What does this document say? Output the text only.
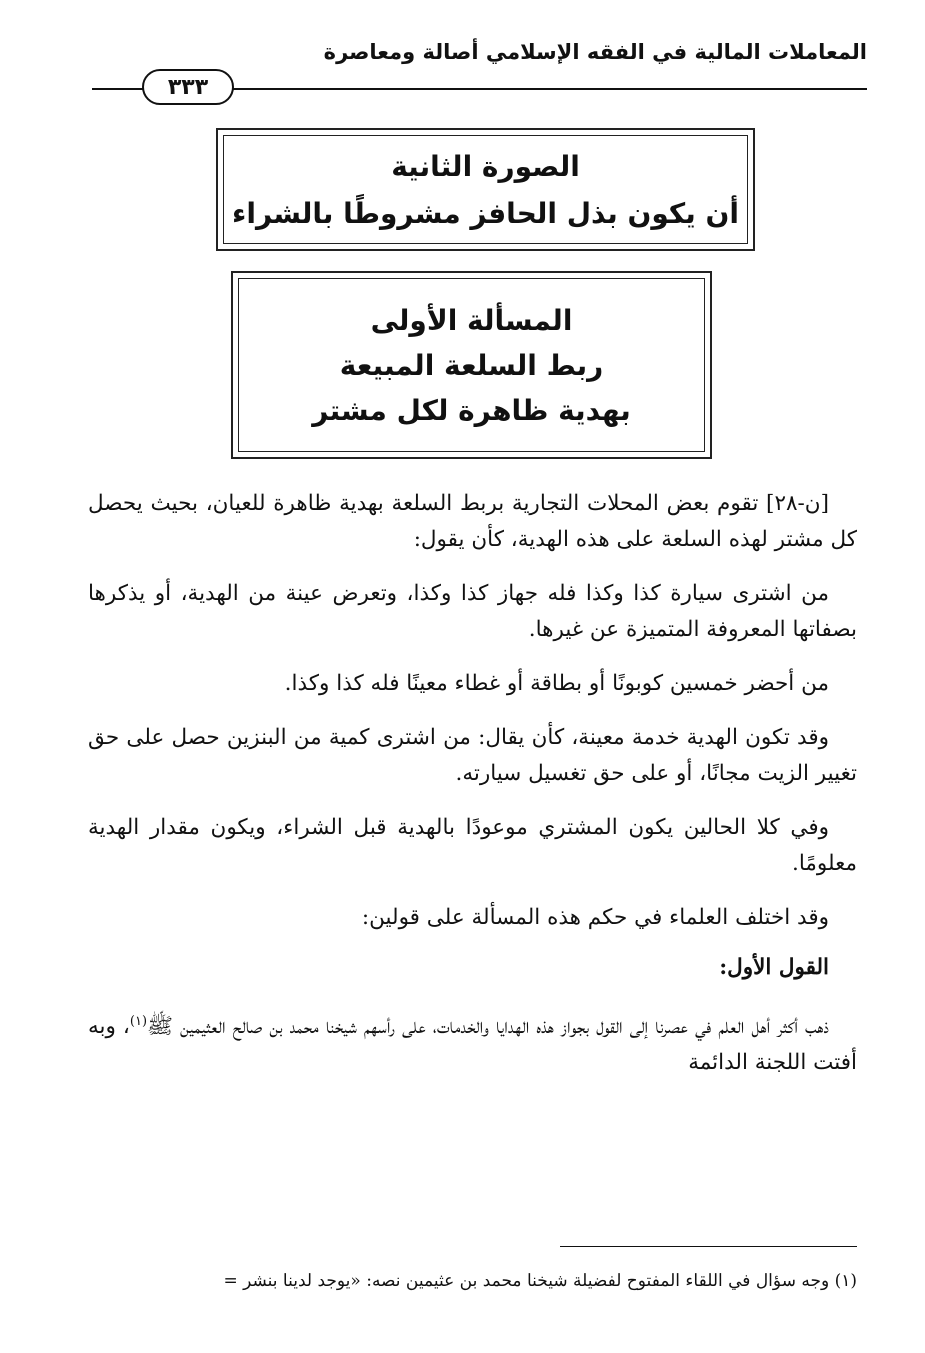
المعاملات المالية في الفقه الإسلامي أصالة ومعاصرة
٣٣٣
الصورة الثانية
أن يكون بذل الحافز مشروطًا بالشراء
المسألة الأولى
ربط السلعة المبيعة
بهدية ظاهرة لكل مشتر

[ن-٢٨] تقوم بعض المحلات التجارية بربط السلعة بهدية ظاهرة للعيان، بحيث يحصل كل مشتر لهذه السلعة على هذه الهدية، كأن يقول:

من اشترى سيارة كذا وكذا فله جهاز كذا وكذا، وتعرض عينة من الهدية، أو يذكرها بصفاتها المعروفة المتميزة عن غيرها.

من أحضر خمسين كوبونًا أو بطاقة أو غطاء معينًا فله كذا وكذا.

وقد تكون الهدية خدمة معينة، كأن يقال: من اشترى كمية من البنزين حصل على حق تغيير الزيت مجانًا، أو على حق تغسيل سيارته.

وفي كلا الحالين يكون المشتري موعودًا بالهدية قبل الشراء، ويكون مقدار الهدية معلومًا.

وقد اختلف العلماء في حكم هذه المسألة على قولين:

القول الأول:

ذهب أكثر أهل العلم في عصرنا إلى القول بجواز هذه الهدايا والخدمات، على رأسهم شيخنا محمد بن صالح العثيمين ﷺ$^{(١)}$، وبه أفتت اللجنة الدائمة

(١) وجه سؤال في اللقاء المفتوح لفضيلة شيخنا محمد بن عثيمين نصه: «يوجد لدينا بنشر =
